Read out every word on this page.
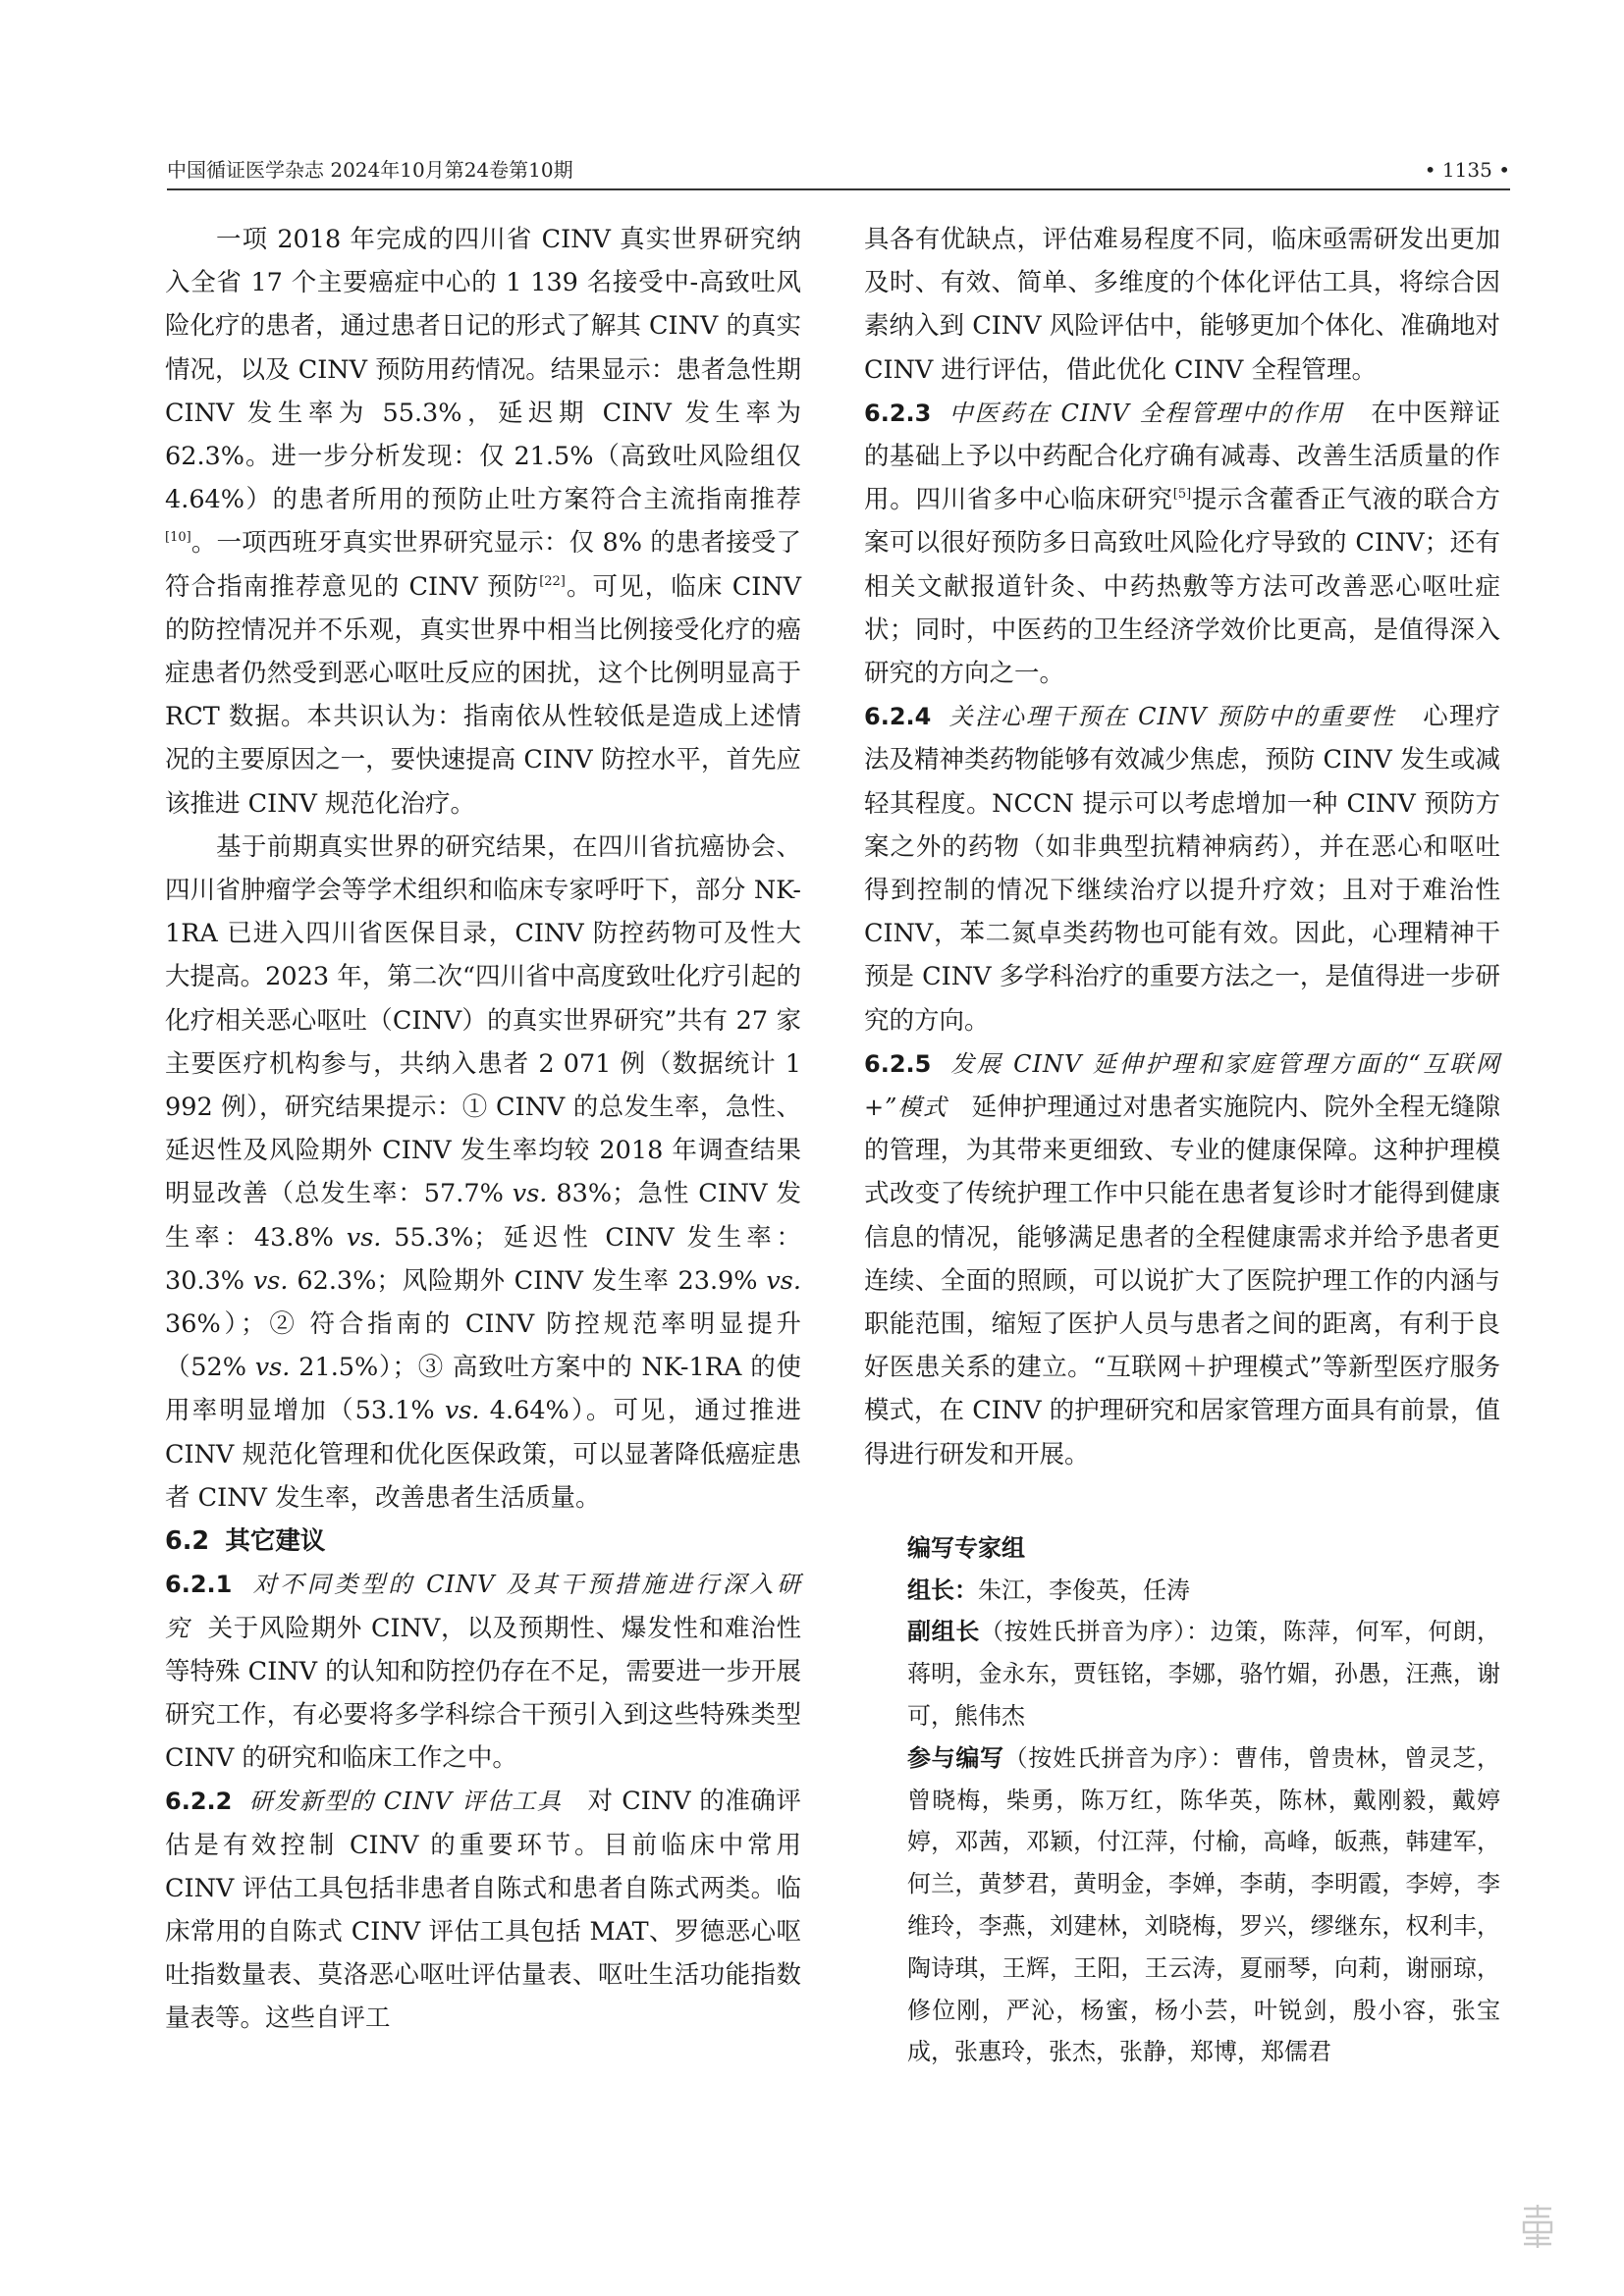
中国循证医学杂志 2024年10月第24卷第10期	• 1135 •

一项 2018 年完成的四川省 CINV 真实世界研究纳入全省 17 个主要癌症中心的 1 139 名接受中-高致吐风险化疗的患者，通过患者日记的形式了解其 CINV 的真实情况，以及 CINV 预防用药情况。结果显示：患者急性期 CINV 发生率为 55.3%，延迟期 CINV 发生率为 62.3%。进一步分析发现：仅 21.5%（高致吐风险组仅 4.64%）的患者所用的预防止吐方案符合主流指南推荐[10]。一项西班牙真实世界研究显示：仅 8% 的患者接受了符合指南推荐意见的 CINV 预防[22]。可见，临床 CINV 的防控情况并不乐观，真实世界中相当比例接受化疗的癌症患者仍然受到恶心呕吐反应的困扰，这个比例明显高于 RCT 数据。本共识认为：指南依从性较低是造成上述情况的主要原因之一，要快速提高 CINV 防控水平，首先应该推进 CINV 规范化治疗。

基于前期真实世界的研究结果，在四川省抗癌协会、四川省肿瘤学会等学术组织和临床专家呼吁下，部分 NK-1RA 已进入四川省医保目录，CINV 防控药物可及性大大提高。2023 年，第二次“四川省中高度致吐化疗引起的化疗相关恶心呕吐（CINV）的真实世界研究”共有 27 家主要医疗机构参与，共纳入患者 2 071 例（数据统计 1 992 例），研究结果提示：① CINV 的总发生率，急性、延迟性及风险期外 CINV 发生率均较 2018 年调查结果明显改善（总发生率：57.7% vs. 83%；急性 CINV 发生率：43.8% vs. 55.3%；延迟性 CINV 发生率：30.3% vs. 62.3%；风险期外 CINV 发生率 23.9% vs. 36%）；② 符合指南的 CINV 防控规范率明显提升（52% vs. 21.5%）；③ 高致吐方案中的 NK-1RA 的使用率明显增加（53.1% vs. 4.64%）。可见，通过推进 CINV 规范化管理和优化医保政策，可以显著降低癌症患者 CINV 发生率，改善患者生活质量。

6.2 其它建议

6.2.1 对不同类型的 CINV 及其干预措施进行深入研究 关于风险期外 CINV，以及预期性、爆发性和难治性等特殊 CINV 的认知和防控仍存在不足，需要进一步开展研究工作，有必要将多学科综合干预引入到这些特殊类型 CINV 的研究和临床工作之中。

6.2.2 研发新型的 CINV 评估工具 对 CINV 的准确评估是有效控制 CINV 的重要环节。目前临床中常用 CINV 评估工具包括非患者自陈式和患者自陈式两类。临床常用的自陈式 CINV 评估工具包括 MAT、罗德恶心呕吐指数量表、莫洛恶心呕吐评估量表、呕吐生活功能指数量表等。这些自评工

具各有优缺点，评估难易程度不同，临床亟需研发出更加及时、有效、简单、多维度的个体化评估工具，将综合因素纳入到 CINV 风险评估中，能够更加个体化、准确地对 CINV 进行评估，借此优化 CINV 全程管理。

6.2.3 中医药在 CINV 全程管理中的作用 在中医辩证的基础上予以中药配合化疗确有减毒、改善生活质量的作用。四川省多中心临床研究[5]提示含藿香正气液的联合方案可以很好预防多日高致吐风险化疗导致的 CINV；还有相关文献报道针灸、中药热敷等方法可改善恶心呕吐症状；同时，中医药的卫生经济学效价比更高，是值得深入研究的方向之一。

6.2.4 关注心理干预在 CINV 预防中的重要性 心理疗法及精神类药物能够有效减少焦虑，预防 CINV 发生或减轻其程度。NCCN 提示可以考虑增加一种 CINV 预防方案之外的药物（如非典型抗精神病药），并在恶心和呕吐得到控制的情况下继续治疗以提升疗效；且对于难治性 CINV，苯二氮卓类药物也可能有效。因此，心理精神干预是 CINV 多学科治疗的重要方法之一，是值得进一步研究的方向。

6.2.5 发展 CINV 延伸护理和家庭管理方面的“互联网+”模式 延伸护理通过对患者实施院内、院外全程无缝隙的管理，为其带来更细致、专业的健康保障。这种护理模式改变了传统护理工作中只能在患者复诊时才能得到健康信息的情况，能够满足患者的全程健康需求并给予患者更连续、全面的照顾，可以说扩大了医院护理工作的内涵与职能范围，缩短了医护人员与患者之间的距离，有利于良好医患关系的建立。“互联网＋护理模式”等新型医疗服务模式，在 CINV 的护理研究和居家管理方面具有前景，值得进行研发和开展。

编写专家组

组长：朱江，李俊英，任涛

副组长（按姓氏拼音为序）：边策，陈萍，何军，何朗，蒋明，金永东，贾钰铭，李娜，骆竹媚，孙愚，汪燕，谢可，熊伟杰

参与编写（按姓氏拼音为序）：曹伟，曾贵林，曾灵芝，曾晓梅，柴勇，陈万红，陈华英，陈林，戴刚毅，戴婷婷，邓茜，邓颖，付江萍，付榆，高峰，皈燕，韩建军，何兰，黄梦君，黄明金，李婵，李萌，李明霞，李婷，李维玲，李燕，刘建林，刘晓梅，罗兴，缪继东，权利丰，陶诗琪，王辉，王阳，王云涛，夏丽琴，向莉，谢丽琼，修位刚，严沁，杨蜜，杨小芸，叶锐剑，殷小容，张宝成，张惠玲，张杰，张静，郑博，郑儒君
